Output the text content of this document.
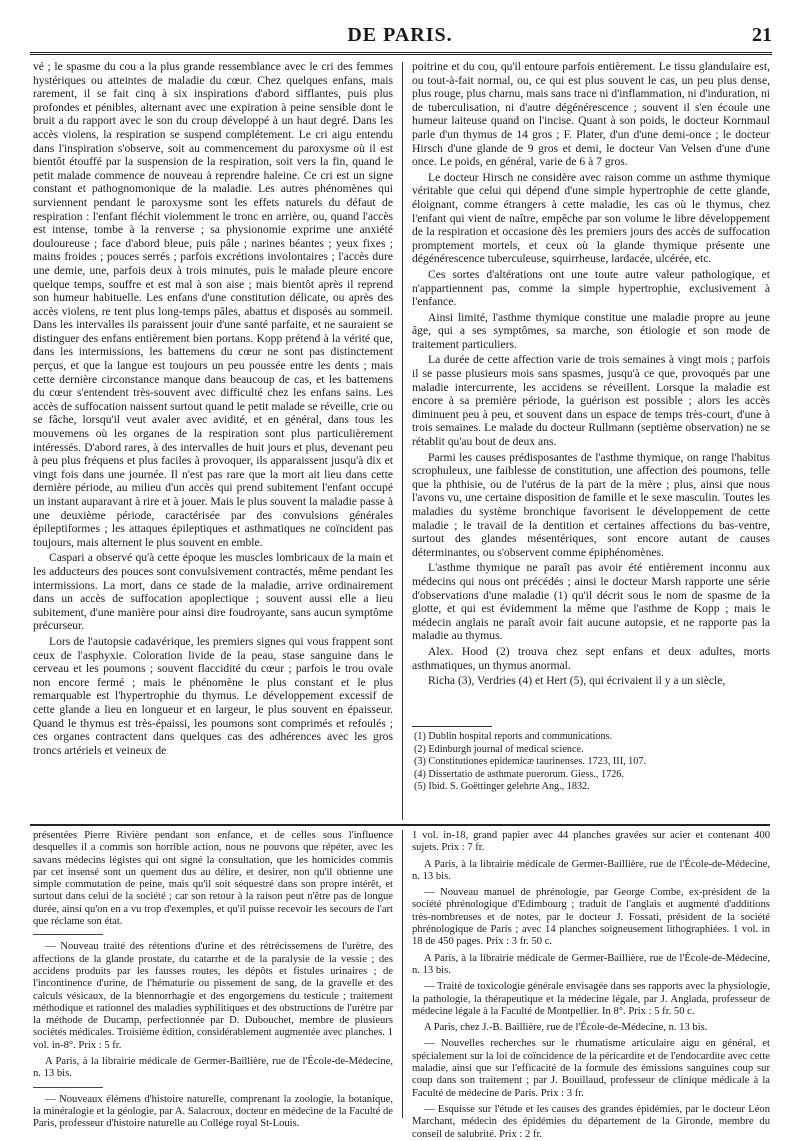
DE PARIS.	21

vé ; le spasme du cou a la plus grande ressemblance avec le cri des femmes hystériques ou atteintes de maladie du cœur. Chez quelques enfans, mais rarement, il se fait cinq à six inspirations d'abord sifflantes, puis plus profondes et pénibles, alternant avec une expiration à peine sensible dont le bruit a du rapport avec le son du croup développé à un haut degré. Dans les accès violens, la respiration se suspend complétement. Le cri aigu entendu dans l'inspiration s'observe, soit au commencement du paroxysme où il est bientôt étouffé par la suspension de la respiration, soit vers la fin, quand le petit malade commence de nouveau à reprendre haleine. Ce cri est un signe constant et pathognomonique de la maladie. Les autres phénomènes qui surviennent pendant le paroxysme sont les effets naturels du défaut de respiration : l'enfant fléchit violemment le tronc en arrière, ou, quand l'accès est intense, tombe à la renverse ; sa physionomie exprime une anxiété douloureuse ; face d'abord bleue, puis pâle ; narines béantes ; yeux fixes ; mains froides ; pouces serrés ; parfois excrétions involontaires ; l'accès dure une demie, une, parfois deux à trois minutes, puis le malade pleure encore quelque temps, souffre et est mal à son aise ; mais bientôt après il reprend son humeur habituelle. Les enfans d'une constitution délicate, ou après des accès violens, re tent plus long-temps pâles, abattus et disposés au sommeil. Dans les intervalles ils paraissent jouir d'une santé parfaite, et ne sauraient se distinguer des enfans entièrement bien portans. Kopp prétend à la vérité que, dans les intermissions, les battemens du cœur ne sont pas distinctement perçus, et que la langue est toujours un peu poussée entre les dents ; mais cette dernière circonstance manque dans beaucoup de cas, et les battemens du cœur s'entendent très-souvent avec difficulté chez les enfans sains. Les accès de suffocation naissent surtout quand le petit malade se réveille, crie ou se fâche, lorsqu'il veut avaler avec avidité, et en général, dans tous les mouvemens où les organes de la respiration sont plus particulièrement intéressés. D'abord rares, à des intervalles de huit jours et plus, devenant peu à peu plus fréquens et plus faciles à provoquer, ils apparaissent jusqu'à dix et vingt fois dans une journée. Il n'est pas rare que la mort ait lieu dans cette dernière période, au milieu d'un accès qui prend subitement l'enfant occupé un instant auparavant à rire et à jouer. Mais le plus souvent la maladie passe à une deuxième période, caractérisée par des convulsions générales épileptiformes ; les attaques épileptiques et asthmatiques ne coïncident pas toujours, mais alternent le plus souvent en emble.

Caspari a observé qu'à cette époque les muscles lombricaux de la main et les adducteurs des pouces sont convulsivement contractés, même pendant les intermissions. La mort, dans ce stade de la maladie, arrive ordinairement dans un accès de suffocation apoplectique ; souvent aussi elle a lieu subitement, d'une manière pour ainsi dire foudroyante, sans aucun symptôme précurseur.

Lors de l'autopsie cadavérique, les premiers signes qui vous frappent sont ceux de l'asphyxie. Coloration livide de la peau, stase sanguine dans le cerveau et les poumons ; souvent flaccidité du cœur ; parfois le trou ovale non encore fermé ; mais le phénomène le plus constant et le plus remarquable est l'hypertrophie du thymus. Le développement excessif de cette glande a lieu en longueur et en largeur, le plus souvent en épaisseur. Quand le thymus est très-épaissi, les poumons sont comprimés et refoulés ; ces organes contractent dans quelques cas des adhérences avec les gros troncs artériels et veineux de

poitrine et du cou, qu'il entoure parfois entièrement. Le tissu glandulaire est, ou tout-à-fait normal, ou, ce qui est plus souvent le cas, un peu plus dense, plus rouge, plus charnu, mais sans trace ni d'inflammation, ni d'induration, ni de tuberculisation, ni d'autre dégénérescence ; souvent il s'en écoule une humeur laiteuse quand on l'incise. Quant à son poids, le docteur Kornmaul parle d'un thymus de 14 gros ; F. Plater, d'un d'une demi-once ; le docteur Hirsch d'une glande de 9 gros et demi, le docteur Van Velsen d'une d'une once. Le poids, en général, varie de 6 à 7 gros.

Le docteur Hirsch ne considère avec raison comme un asthme thymique véritable que celui qui dépend d'une simple hypertrophie de cette glande, éloignant, comme étrangers à cette maladie, les cas où le thymus, chez l'enfant qui vient de naître, empêche par son volume le libre développement de la respiration et occasione dès les premiers jours des accès de suffocation promptement mortels, et ceux où la glande thymique présente une dégénérescence tuberculeuse, squirrheuse, lardacée, ulcérée, etc.

Ces sortes d'altérations ont une toute autre valeur pathologique, et n'appartiennent pas, comme la simple hypertrophie, exclusivement à l'enfance.

Ainsi limité, l'asthme thymique constitue une maladie propre au jeune âge, qui a ses symptômes, sa marche, son étiologie et son mode de traitement particuliers.

La durée de cette affection varie de trois semaines à vingt mois ; parfois il se passe plusieurs mois sans spasmes, jusqu'à ce que, provoqués par une maladie intercurrente, les accidens se réveillent. Lorsque la maladie est encore à sa première période, la guérison est possible ; alors les accès diminuent peu à peu, et souvent dans un espace de temps très-court, d'une à trois semaines. Le malade du docteur Rullmann (septième observation) ne se rétablit qu'au bout de deux ans.

Parmi les causes prédisposantes de l'asthme thymique, on range l'habitus scrophuleux, une faiblesse de constitution, une affection des poumons, telle que la phthisie, ou de l'utérus de la part de la mère ; plus, ainsi que nous l'avons vu, une certaine disposition de famille et le sexe masculin. Toutes les maladies du système bronchique favorisent le développement de cette maladie ; le travail de la dentition et certaines affections du bas-ventre, surtout des glandes mésentériques, sont encore autant de causes déterminantes, ou s'observent comme épiphénomènes.

L'asthme thymique ne paraît pas avoir été entièrement inconnu aux médecins qui nous ont précédés ; ainsi le docteur Marsh rapporte une série d'observations d'une maladie (1) qu'il décrit sous le nom de spasme de la glotte, et qui est évidemment la même que l'asthme de Kopp ; mais le médecin anglais ne paraît avoir fait aucune autopsie, et ne rapporte pas la maladie au thymus.

Alex. Hood (2) trouva chez sept enfans et deux adultes, morts asthmatiques, un thymus anormal.

Richa (3), Verdries (4) et Hert (5), qui écrivaient il y a un siècle,

(1) Dublin hospital reports and communications.
(2) Edinburgh journal of medical science.
(3) Constitutiones epidemicæ taurinenses. 1723, III, 107.
(4) Dissertatio de asthmate puerorum. Giess., 1726.
(5) Ibid. S. Goëttinger gelehrte Ang., 1832.

présentées Pierre Rivière pendant son enfance, et de celles sous l'influence desquelles il a commis son horrible action, nous ne pouvons que répéter, avec les savans médecins légistes qui ont signé la consultation, que les homicides commis par cet insensé sont un quement dus au délire, et desirer, non qu'il obtienne une simple commutation de peine, mais qu'il soit séquestré dans son propre intérêt, et surtout dans celui de la société ; car son retour à la raison peut n'être pas de longue durée, ainsi qu'on en a vu trop d'exemples, et qu'il puisse recevoir les secours de l'art que réclame son état.

— Nouveau traité des rétentions d'urine et des rétrécissemens de l'urètre, des affections de la glande prostate, du catarrhe et de la paralysie de la vessie ; des accidens produits par les fausses routes, les dépôts et fistules urinaires ; de l'incontinence d'urine, de l'hématurie ou pissement de sang, de la gravelle et des calculs vésicaux, de la blennorrhagie et des engorgemens du testicule ; traitement méthodique et rationnel des maladies syphilitiques et des obstructions de l'urètre par la méthode de Ducamp, perfectionnée par D. Dubouchet, membre de plusieurs sociétés médicales. Troisième édition, considérablement augmentée avec planches. 1 vol. in-8°. Prix : 5 fr.

A Paris, à la librairie médicale de Germer-Baillière, rue de l'École-de-Médecine, n. 13 bis.

— Nouveaux élémens d'histoire naturelle, comprenant la zoologie, la botanique, la minéralogie et la géologie, par A. Salacroux, docteur en médecine de la Faculté de Paris, professeur d'histoire naturelle au Collége royal St-Louis.

1 vol. in-18, grand papier avec 44 planches gravées sur acier et contenant 400 sujets. Prix : 7 fr.

A Paris, à la librairie médicale de Germer-Baillière, rue de l'École-de-Médecine, n. 13 bis.

— Nouveau manuel de phrénologie, par George Combe, ex-président de la société phrénologique d'Edimbourg ; traduit de l'anglais et augmenté d'additions très-nombreuses et de notes, par le docteur J. Fossati, président de la société phrénologique de Paris ; avec 14 planches soigneusement lithographiées. 1 vol. in 18 de 450 pages. Prix : 3 fr. 50 c.

A Paris, à la librairie médicale de Germer-Baillière, rue de l'École-de-Médecine, n. 13 bis.

— Traité de toxicologie générale envisagée dans ses rapports avec la physiologie, la pathologie, la thérapeutique et la médecine légale, par J. Anglada, professeur de médecine légale à la Faculté de Montpellier. In 8°. Prix : 5 fr. 50 c.

A Paris, chez J.-B. Baillière, rue de l'École-de-Médecine, n. 13 bis.

— Nouvelles recherches sur le rhumatisme articulaire aigu en général, et spécialement sur la loi de coïncidence de la péricardite et de l'endocardite avec cette maladie, ainsi que sur l'efficacité de la formule des émissions sanguines coup sur coup dans son traitement ; par J. Bouillaud, professeur de clinique médicale à la Faculté de médecine de Paris. Prix : 3 fr.

— Esquisse sur l'étude et les causes des grandes épidémies, par le docteur Léon Marchant, médecin des épidémies du département de la Gironde, membre du conseil de salubrité. Prix : 2 fr.
